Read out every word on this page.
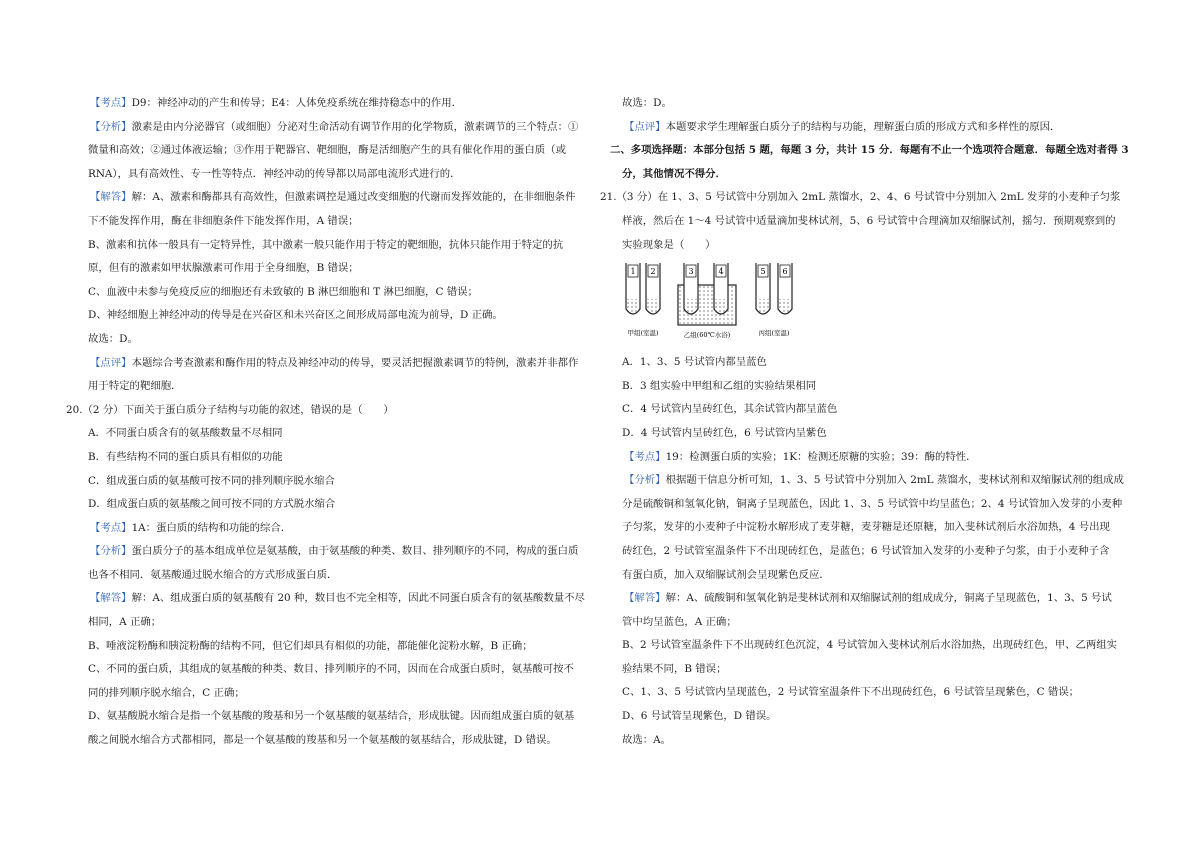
【考点】D9：神经冲动的产生和传导；E4：人体免疫系统在维持稳态中的作用．

【分析】激素是由内分泌器官（或细胞）分泌对生命活动有调节作用的化学物质，激素调节的三个特点：①

微量和高效；②通过体液运输；③作用于靶器官、靶细胞，酶是活细胞产生的具有催化作用的蛋白质（或

RNA），具有高效性、专一性等特点．神经冲动的传导都以局部电流形式进行的．

【解答】解：A、激素和酶都具有高效性，但激素调控是通过改变细胞的代谢而发挥效能的，在非细胞条件

下不能发挥作用，酶在非细胞条件下能发挥作用，A 错误；

B、激素和抗体一般具有一定特异性，其中激素一般只能作用于特定的靶细胞，抗体只能作用于特定的抗

原，但有的激素如甲状腺激素可作用于全身细胞，B 错误；

C、血液中未参与免疫反应的细胞还有未致敏的 B 淋巴细胞和 T 淋巴细胞，C 错误；

D、神经细胞上神经冲动的传导是在兴奋区和未兴奋区之间形成局部电流为前导，D 正确。

故选：D。

【点评】本题综合考查激素和酶作用的特点及神经冲动的传导，要灵活把握激素调节的特例，激素并非都作

用于特定的靶细胞．

20.（2 分）下面关于蛋白质分子结构与功能的叙述，错误的是（　　）

A．不同蛋白质含有的氨基酸数量不尽相同

B．有些结构不同的蛋白质具有相似的功能

C．组成蛋白质的氨基酸可按不同的排列顺序脱水缩合

D．组成蛋白质的氨基酸之间可按不同的方式脱水缩合

【考点】1A：蛋白质的结构和功能的综合．

【分析】蛋白质分子的基本组成单位是氨基酸，由于氨基酸的种类、数目、排列顺序的不同，构成的蛋白质

也各不相同．氨基酸通过脱水缩合的方式形成蛋白质．

【解答】解：A、组成蛋白质的氨基酸有 20 种，数目也不完全相等，因此不同蛋白质含有的氨基酸数量不尽

相同，A 正确；

B、唾液淀粉酶和胰淀粉酶的结构不同，但它们却具有相似的功能，都能催化淀粉水解，B 正确；

C、不同的蛋白质，其组成的氨基酸的种类、数目、排列顺序的不同，因而在合成蛋白质时，氨基酸可按不

同的排列顺序脱水缩合，C 正确；

D、氨基酸脱水缩合是指一个氨基酸的羧基和另一个氨基酸的氨基结合，形成肽键。因而组成蛋白质的氨基

酸之间脱水缩合方式都相同，都是一个氨基酸的羧基和另一个氨基酸的氨基结合，形成肽键，D 错误。

故选：D。

【点评】本题要求学生理解蛋白质分子的结构与功能，理解蛋白质的形成方式和多样性的原因．

二、多项选择题：本部分包括 5 题，每题 3 分，共计 15 分．每题有不止一个选项符合题意．每题全选对者得 3

分，其他情况不得分．

21.（3 分）在 1、3、5 号试管中分别加入 2mL 蒸馏水，2、4、6 号试管中分别加入 2mL 发芽的小麦种子匀浆

样液，然后在 1～4 号试管中适量滴加斐林试剂，5、6 号试管中合理滴加双缩脲试剂，摇匀．预期观察到的

实验现象是（　　）

1 2
甲组(室温)
3	4
乙组(60℃水浴)
5 6
丙组(室温)

A．1、3、5 号试管内都呈蓝色

B．3 组实验中甲组和乙组的实验结果相同

C．4 号试管内呈砖红色，其余试管内都呈蓝色

D．4 号试管内呈砖红色，6 号试管内呈紫色

【考点】19：检测蛋白质的实验；1K：检测还原糖的实验；39：酶的特性．

【分析】根据题干信息分析可知，1、3、5 号试管中分别加入 2mL 蒸馏水，斐林试剂和双缩脲试剂的组成成

分是硫酸铜和氢氧化钠，铜离子呈现蓝色，因此 1、3、5 号试管中均呈蓝色；2、4 号试管加入发芽的小麦种

子匀浆，发芽的小麦种子中淀粉水解形成了麦芽糖，麦芽糖是还原糖，加入斐林试剂后水浴加热，4 号出现

砖红色，2 号试管室温条件下不出现砖红色，是蓝色；6 号试管加入发芽的小麦种子匀浆，由于小麦种子含

有蛋白质，加入双缩脲试剂会呈现紫色反应．

【解答】解：A、硫酸铜和氢氧化钠是斐林试剂和双缩脲试剂的组成成分，铜离子呈现蓝色，1、3、5 号试

管中均呈蓝色，A 正确；

B、2 号试管室温条件下不出现砖红色沉淀，4 号试管加入斐林试剂后水浴加热，出现砖红色，甲、乙两组实

验结果不同，B 错误；

C、1、3、5 号试管内呈现蓝色，2 号试管室温条件下不出现砖红色，6 号试管呈现紫色，C 错误；

D、6 号试管呈现紫色，D 错误。

故选：A。
